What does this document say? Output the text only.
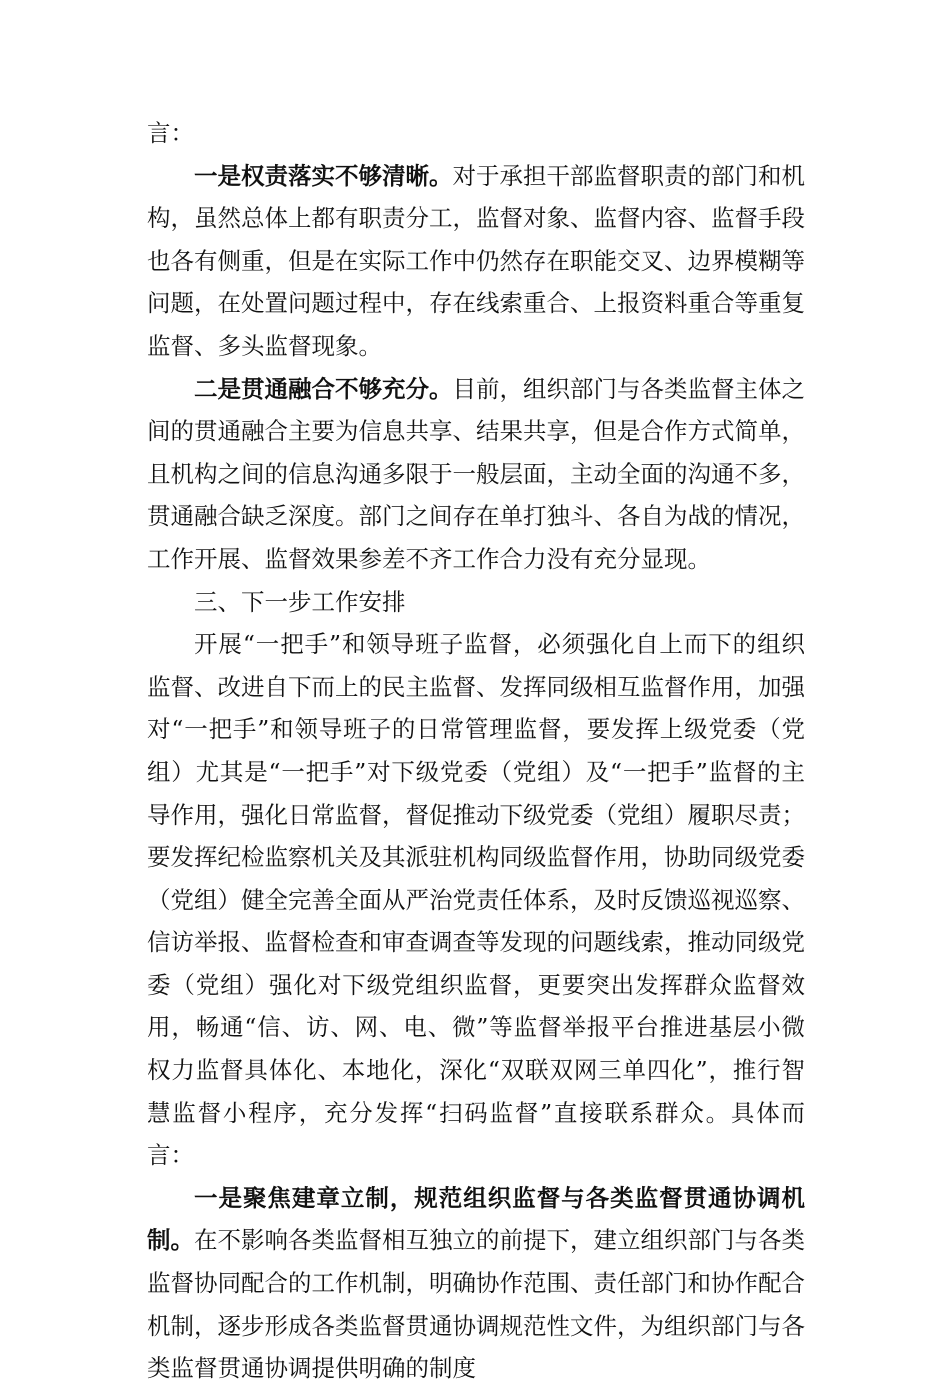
言：

一是权责落实不够清晰。对于承担干部监督职责的部门和机构，虽然总体上都有职责分工，监督对象、监督内容、监督手段也各有侧重，但是在实际工作中仍然存在职能交叉、边界模糊等问题，在处置问题过程中，存在线索重合、上报资料重合等重复监督、多头监督现象。

二是贯通融合不够充分。目前，组织部门与各类监督主体之间的贯通融合主要为信息共享、结果共享，但是合作方式简单，且机构之间的信息沟通多限于一般层面，主动全面的沟通不多，贯通融合缺乏深度。部门之间存在单打独斗、各自为战的情况，工作开展、监督效果参差不齐工作合力没有充分显现。

三、下一步工作安排

开展“一把手”和领导班子监督，必须强化自上而下的组织监督、改进自下而上的民主监督、发挥同级相互监督作用，加强对“一把手”和领导班子的日常管理监督，要发挥上级党委（党组）尤其是“一把手”对下级党委（党组）及“一把手”监督的主导作用，强化日常监督，督促推动下级党委（党组）履职尽责；要发挥纪检监察机关及其派驻机构同级监督作用，协助同级党委（党组）健全完善全面从严治党责任体系，及时反馈巡视巡察、信访举报、监督检查和审查调查等发现的问题线索，推动同级党委（党组）强化对下级党组织监督，更要突出发挥群众监督效用，畅通“信、访、网、电、微”等监督举报平台推进基层小微权力监督具体化、本地化，深化“双联双网三单四化”，推行智慧监督小程序，充分发挥“扫码监督”直接联系群众。具体而言：

一是聚焦建章立制，规范组织监督与各类监督贯通协调机制。在不影响各类监督相互独立的前提下，建立组织部门与各类监督协同配合的工作机制，明确协作范围、责任部门和协作配合机制，逐步形成各类监督贯通协调规范性文件，为组织部门与各类监督贯通协调提供明确的制度
